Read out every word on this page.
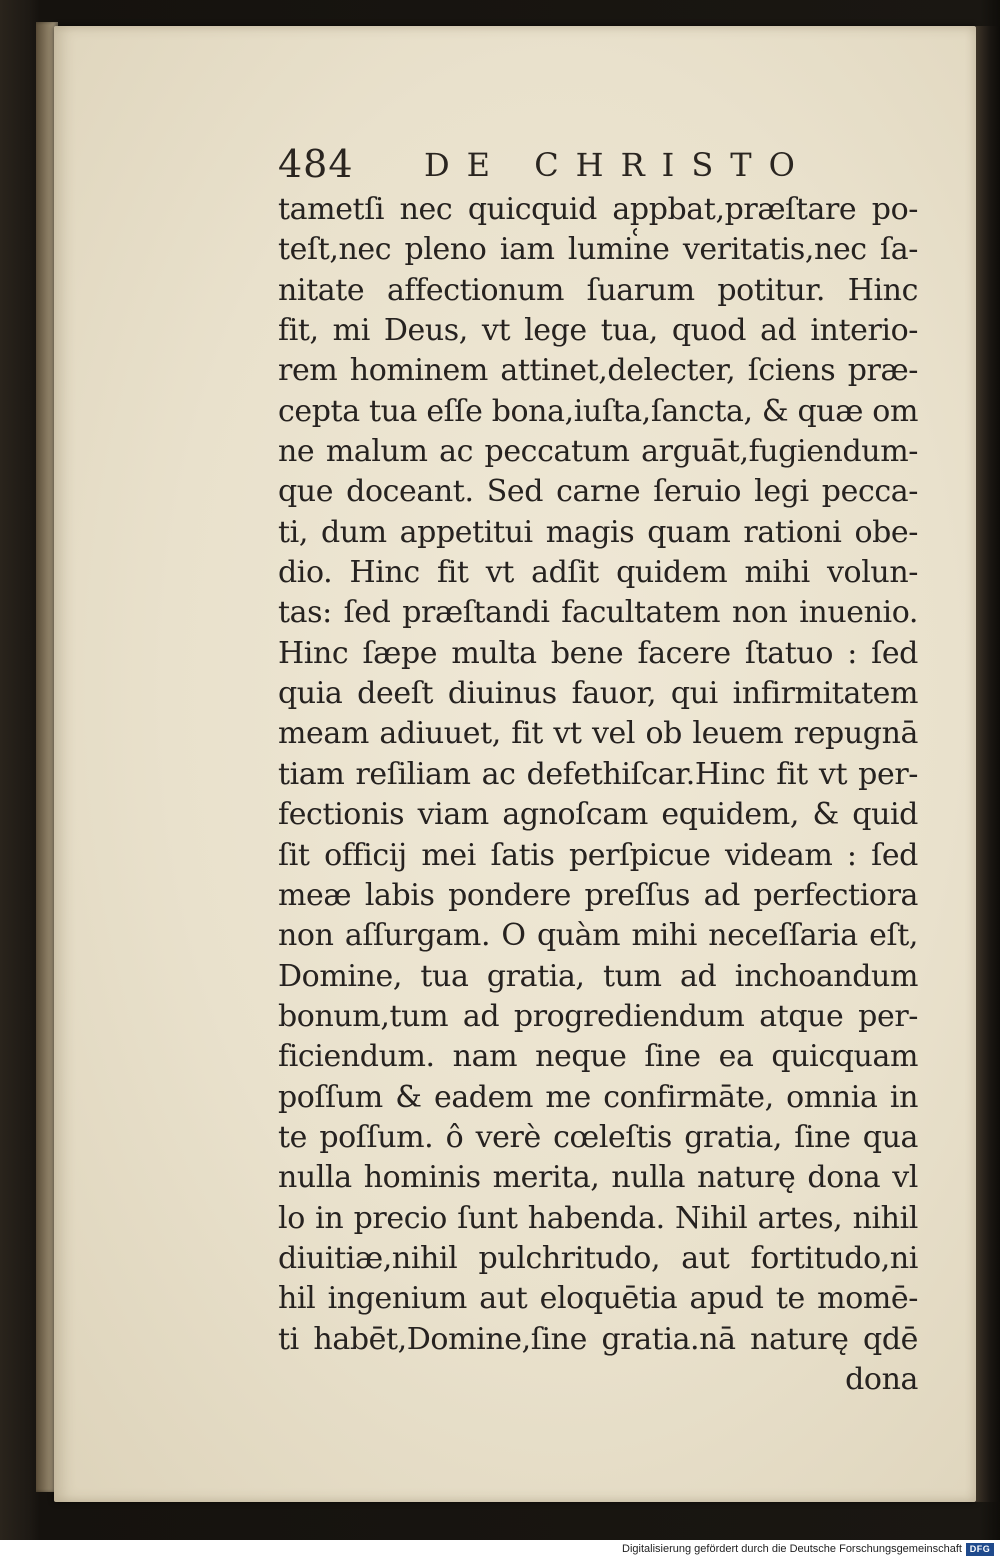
484 DE CHRISTO
tametſi nec quicquid ap̜pbat,præſtare po-
teſt,nec pleno iam lumine veritatis,nec ſa-
nitate affectionum ſuarum potitur. Hinc
fit, mi Deus, vt lege tua, quod ad interio-
rem hominem attinet,delecter, ſciens præ-
cepta tua eſſe bona,iuſta,ſancta, & quæ om
ne malum ac peccatum arguāt,fugiendum-
que doceant. Sed carne ſeruio legi pecca-
ti, dum appetitui magis quam rationi obe-
dio. Hinc fit vt adſit quidem mihi volun-
tas: ſed præſtandi facultatem non inuenio.
Hinc ſæpe multa bene facere ſtatuo : ſed
quia deeſt diuinus fauor, qui infirmitatem
meam adiuuet, fit vt vel ob leuem repugnā
tiam reſiliam ac defethiſcar.Hinc fit vt per-
fectionis viam agnoſcam equidem, & quid
ſit officij mei ſatis perſpicue videam : ſed
meæ labis pondere preſſus ad perfectiora
non aſſurgam. O quàm mihi neceſſaria eſt,
Domine, tua gratia, tum ad inchoandum
bonum,tum ad progrediendum atque per-
ficiendum. nam neque ſine ea quicquam
poſſum & eadem me confirmāte, omnia in
te poſſum. ô verè cœleſtis gratia, ſine qua
nulla hominis merita, nulla naturę dona vl
lo in precio ſunt habenda. Nihil artes, nihil
diuitiæ,nihil pulchritudo, aut fortitudo,ni
hil ingenium aut eloquētia apud te momē-
ti habēt,Domine,ſine gratia.nā naturę qdē
dona
Digitalisierung gefördert durch die Deutsche Forschungsgemeinschaft DFG
